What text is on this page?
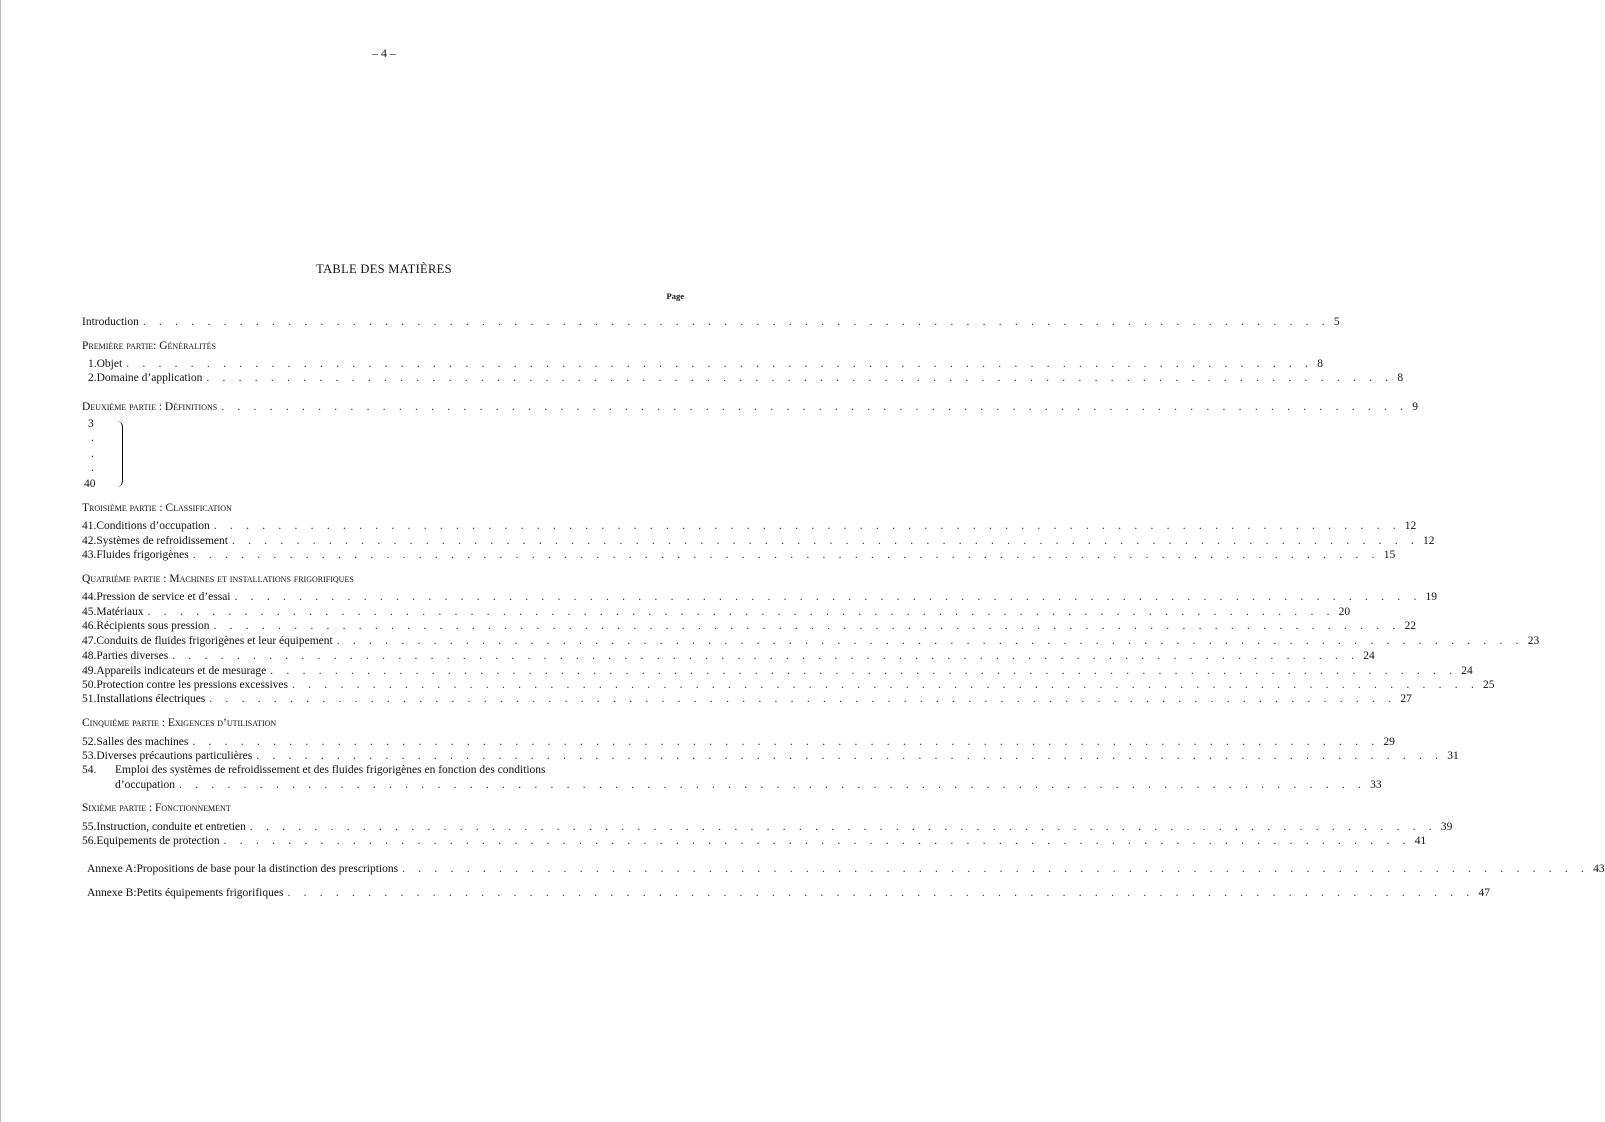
– 4 –
TABLE DES MATIÈRES
Page
Introduction . . . . . . . . . . . . . . . . . . . . . . . . . . . . . . . . . . . . . . . . . . . . . . . . . . . . . . . . . . . . . . . . . . . . . . . . . . 5
Première partie: Généralités
1. Objet . . . . . . . . . . . . . . . . . . . . . . . . . . . . . . . . . . . . . . . . . . . . . . . . . . . . . . . . . . . . . . . . . . . . . . . . . . 8
2. Domaine d’application . . . . . . . . . . . . . . . . . . . . . . . . . . . . . . . . . . . . . . . . . . . . . . . . . . . . . . . . . . . . . . . . . . . . . . . . . . 8
Deuxième partie : Définitions . . . . . . . . . . . . . . . . . . . . . . . . . . . . . . . . . . . . . . . . . . . . . . . . . . . . . . . . . . . . . . . . . . . . . . . . . . 9
3
.
.
.
40
Troisième partie : Classification
41. Conditions d’occupation . . . . . . . . . . . . . . . . . . . . . . . . . . . . . . . . . . . . . . . . . . . . . . . . . . . . . . . . . . . . . . . . . . . . . . . . . . 12
42. Systèmes de refroidissement . . . . . . . . . . . . . . . . . . . . . . . . . . . . . . . . . . . . . . . . . . . . . . . . . . . . . . . . . . . . . . . . . . . . . . . . . . 12
43. Fluides frigorigènes . . . . . . . . . . . . . . . . . . . . . . . . . . . . . . . . . . . . . . . . . . . . . . . . . . . . . . . . . . . . . . . . . . . . . . . . . . 15
Quatrième partie : Machines et installations frigorifiques
44. Pression de service et d’essai . . . . . . . . . . . . . . . . . . . . . . . . . . . . . . . . . . . . . . . . . . . . . . . . . . . . . . . . . . . . . . . . . . . . . . . . . . 19
45. Matériaux . . . . . . . . . . . . . . . . . . . . . . . . . . . . . . . . . . . . . . . . . . . . . . . . . . . . . . . . . . . . . . . . . . . . . . . . . . 20
46. Récipients sous pression . . . . . . . . . . . . . . . . . . . . . . . . . . . . . . . . . . . . . . . . . . . . . . . . . . . . . . . . . . . . . . . . . . . . . . . . . . 22
47. Conduits de fluides frigorigènes et leur équipement . . . . . . . . . . . . . . . . . . . . . . . . . . . . . . . . . . . . . . . . . . . . . . . . . . . . . . . . . . . . . . . . . . . . . . . . . . 23
48. Parties diverses . . . . . . . . . . . . . . . . . . . . . . . . . . . . . . . . . . . . . . . . . . . . . . . . . . . . . . . . . . . . . . . . . . . . . . . . . . 24
49. Appareils indicateurs et de mesurage . . . . . . . . . . . . . . . . . . . . . . . . . . . . . . . . . . . . . . . . . . . . . . . . . . . . . . . . . . . . . . . . . . . . . . . . . . 24
50. Protection contre les pressions excessives . . . . . . . . . . . . . . . . . . . . . . . . . . . . . . . . . . . . . . . . . . . . . . . . . . . . . . . . . . . . . . . . . . . . . . . . . . 25
51. Installations électriques . . . . . . . . . . . . . . . . . . . . . . . . . . . . . . . . . . . . . . . . . . . . . . . . . . . . . . . . . . . . . . . . . . . . . . . . . . 27
Cinquième partie : Exigences d’utilisation
52. Salles des machines . . . . . . . . . . . . . . . . . . . . . . . . . . . . . . . . . . . . . . . . . . . . . . . . . . . . . . . . . . . . . . . . . . . . . . . . . . 29
53. Diverses précautions particulières . . . . . . . . . . . . . . . . . . . . . . . . . . . . . . . . . . . . . . . . . . . . . . . . . . . . . . . . . . . . . . . . . . . . . . . . . . 31
54.	Emploi des systèmes de refroidissement et des fluides frigorigènes en fonction des conditions
d’occupation . . . . . . . . . . . . . . . . . . . . . . . . . . . . . . . . . . . . . . . . . . . . . . . . . . . . . . . . . . . . . . . . . . . . . . . . . . 33
Sixième partie : Fonctionnement
55. Instruction, conduite et entretien . . . . . . . . . . . . . . . . . . . . . . . . . . . . . . . . . . . . . . . . . . . . . . . . . . . . . . . . . . . . . . . . . . . . . . . . . . 39
56. Equipements de protection . . . . . . . . . . . . . . . . . . . . . . . . . . . . . . . . . . . . . . . . . . . . . . . . . . . . . . . . . . . . . . . . . . . . . . . . . . 41
Annexe A : Propositions de base pour la distinction des prescriptions . . . . . . . . . . . . . . . . . . . . . . . . . . . . . . . . . . . . . . . . . . . . . . . . . . . . . . . . . . . . . . . . . . . . . . . . . . 43
Annexe B : Petits équipements frigorifiques . . . . . . . . . . . . . . . . . . . . . . . . . . . . . . . . . . . . . . . . . . . . . . . . . . . . . . . . . . . . . . . . . . . . . . . . . . 47
